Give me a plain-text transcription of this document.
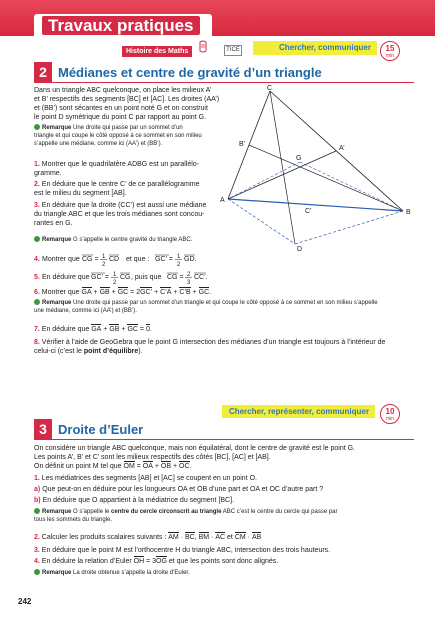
Travaux pratiques
Histoire des Maths	TICE	Chercher, communiquer	15
min
2 Médianes et centre de gravité d’un triangle
Dans un triangle ABC quelconque, on place les milieux A’
et B’ respectifs des segments [BC] et [AC]. Les droites (AA’)
et (BB’) sont sécantes en un point noté G et on construit
le point D symétrique du point C par rapport au point G.
Remarque Une droite qui passe par un sommet d’un
triangle et qui coupe le côté opposé à ce sommet en son milieu
s’appelle une médiane, comme ici (AA’) et (BB’).
1. Montrer que le quadrilatère ADBG est un parallélo-
gramme.
2. En déduire que le centre C’ de ce parallélogramme
est le milieu du segment [AB].
3. En déduire que la droite (CC’) est aussi une médiane
du triangle ABC et que les trois médianes sont concou-
rantes en G.
Remarque G s’appelle le centre gravité du triangle ABC.
4. Montrer que CG = 1
2
CD et que : GC’ = 1
2
GD.
5. En déduire que GC’ = 1
2
CG , puis que CG = 2
3
CC’.
6. Montrer que GA + GB + GC = 2GC’ + C’A + C’B + GC.
Remarque Une droite qui passe par un sommet d’un triangle et qui coupe le côté opposé à ce sommet en son milieu s’appelle
une médiane, comme ici (AA’) et (BB’).
7. En déduire que GA + GB + GC = 0.
8. Vérifier à l’aide de GeoGebra que le point G intersection des médianes d’un triangle est toujours à l’intérieur de
celui-ci (c’est le point d’équilibre).
A
B
C
D
G
A’
B’
C’
Chercher, représenter, communiquer	10
min
3 Droite d’Euler
On considère un triangle ABC quelconque, mais non équilatéral, dont le centre de gravité est le point G.
Les points A’, B’ et C’ sont les milieux respectifs des côtés [BC], [AC] et [AB].
On définit un point M tel que OM = OA + OB + OC.
1. Les médiatrices des segments [AB] et [AC] se coupent en un point O.
a) Que peut-on en déduire pour les longueurs OA et OB d’une part et OA et OC d’autre part ?
b) En déduire que O appartient à la médiatrice du segment [BC].
Remarque O s’appelle le centre du cercle circonscrit au triangle ABC c’est le centre du cercle qui passe par
tous les sommets du triangle.
2. Calculer les produits scalaires suivants : AM · BC, BM · AC et CM · AB
3. En déduire que le point M est l’orthocentre H du triangle ABC, intersection des trois hauteurs.
4. En déduire la relation d’Euler OH = 3OG et que les points sont donc alignés.
Remarque La droite obtenue s’appelle la droite d’Euler.
242
